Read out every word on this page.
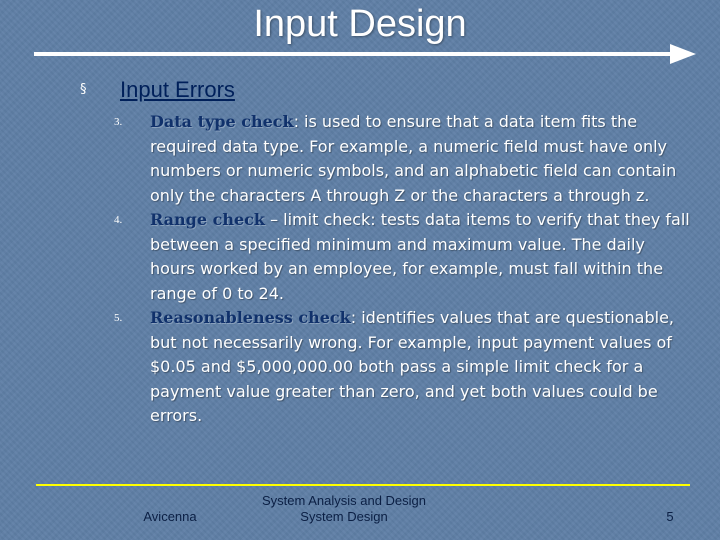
Input Design
§ Input Errors
3. Data type check: is used to ensure that a data item fits the required data type. For example, a numeric field must have only numbers or numeric symbols, and an alphabetic field can contain only the characters A through Z or the characters a through z.

4. Range check – limit check: tests data items to verify that they fall between a specified minimum and maximum value. The daily hours worked by an employee, for example, must fall within the range of 0 to 24.

5. Reasonableness check: identifies values that are questionable, but not necessarily wrong. For example, input payment values of $0.05 and $5,000,000.00 both pass a simple limit check for a payment value greater than zero, and yet both values could be errors.

Avicenna
System Analysis and Design
System Design	5
